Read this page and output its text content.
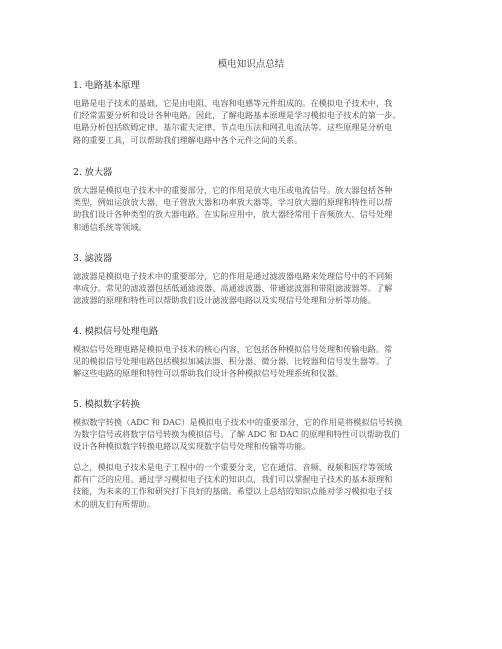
模电知识点总结
1. 电路基本原理
电路是电子技术的基础，它是由电阻、电容和电感等元件组成的。在模拟电子技术中，我
们经常需要分析和设计各种电路。因此，了解电路基本原理是学习模拟电子技术的第一步。
电路分析包括欧姆定律、基尔霍夫定律、节点电压法和网孔电流法等。这些原理是分析电
路的重要工具，可以帮助我们理解电路中各个元件之间的关系。
2. 放大器
放大器是模拟电子技术中的重要部分，它的作用是放大电压或电流信号。放大器包括各种
类型，例如运放放大器、电子管放大器和功率放大器等。学习放大器的原理和特性可以帮
助我们设计各种类型的放大器电路。在实际应用中，放大器经常用于音频放大、信号处理
和通信系统等领域。
3. 滤波器
滤波器是模拟电子技术中的重要部分，它的作用是通过滤波器电路来处理信号中的不同频
率成分。常见的滤波器包括低通滤波器、高通滤波器、带通滤波器和带阻滤波器等。了解
滤波器的原理和特性可以帮助我们设计滤波器电路以及实现信号处理和分析等功能。
4. 模拟信号处理电路
模拟信号处理电路是模拟电子技术的核心内容，它包括各种模拟信号处理和传输电路。常
见的模拟信号处理电路包括模拟加减法器、积分器、微分器、比较器和信号发生器等。了
解这些电路的原理和特性可以帮助我们设计各种模拟信号处理系统和仪器。
5. 模拟数字转换
模拟数字转换（ADC 和 DAC）是模拟电子技术中的重要部分，它的作用是将模拟信号转换
为数字信号或将数字信号转换为模拟信号。了解 ADC 和 DAC 的原理和特性可以帮助我们
设计各种模拟数字转换电路以及实现数字信号处理和传输等功能。
总之，模拟电子技术是电子工程中的一个重要分支，它在通信、音频、视频和医疗等领域
都有广泛的应用。通过学习模拟电子技术的知识点，我们可以掌握电子技术的基本原理和
技能，为未来的工作和研究打下良好的基础。希望以上总结的知识点能对学习模拟电子技
术的朋友们有所帮助。
